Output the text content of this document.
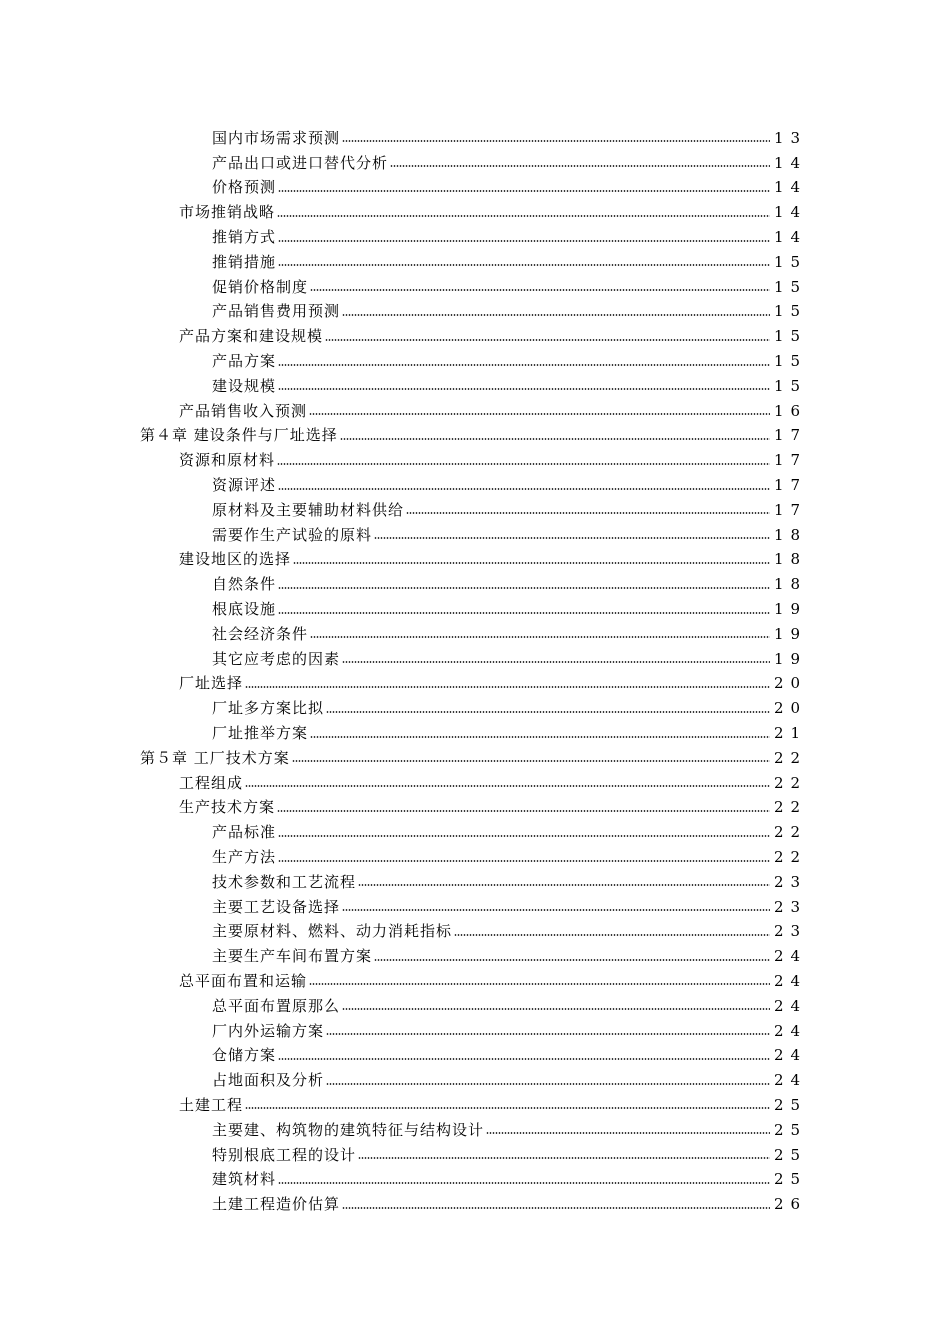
国内市场需求预测	13
产品出口或进口替代分析	14
价格预测	14
市场推销战略	14
推销方式	14
推销措施	15
促销价格制度	15
产品销售费用预测	15
产品方案和建设规模	15
产品方案	15
建设规模	15
产品销售收入预测	16
第４章 建设条件与厂址选择	17
资源和原材料	17
资源评述	17
原材料及主要辅助材料供给	17
需要作生产试验的原料	18
建设地区的选择	18
自然条件	18
根底设施	19
社会经济条件	19
其它应考虑的因素	19
厂址选择	20
厂址多方案比拟	20
厂址推举方案	21
第５章 工厂技术方案	22
工程组成	22
生产技术方案	22
产品标准	22
生产方法	22
技术参数和工艺流程	23
主要工艺设备选择	23
主要原材料、燃料、动力消耗指标	23
主要生产车间布置方案	24
总平面布置和运输	24
总平面布置原那么	24
厂内外运输方案	24
仓储方案	24
占地面积及分析	24
土建工程	25
主要建、构筑物的建筑特征与结构设计	25
特别根底工程的设计	25
建筑材料	25
土建工程造价估算	26
